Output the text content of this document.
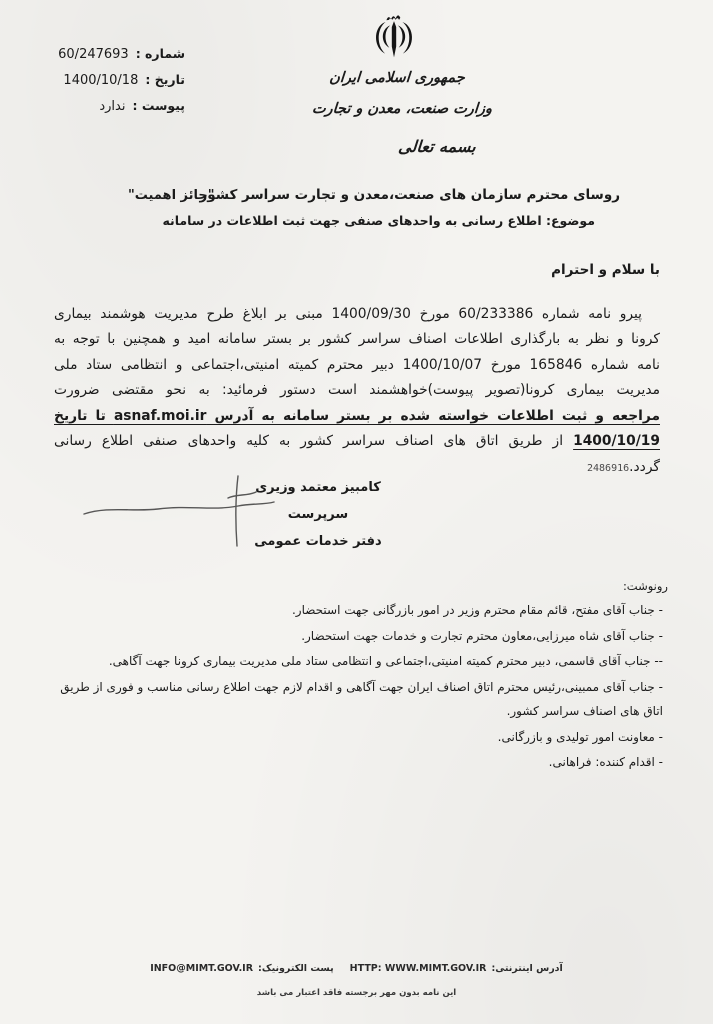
شماره :
60/247693
تاریخ :
1400/10/18
پیوست :
ندارد
جمهوری اسلامی ایران
وزارت صنعت، معدن و تجارت
بسمه تعالی
روسای محترم سازمان های صنعت،معدن و تجارت سراسر کشور
"حائز اهمیت"
موضوع: اطلاع رسانی به واحدهای صنفی جهت ثبت اطلاعات در سامانه
با سلام و احترام

پیرو نامه شماره 60/233386 مورخ 1400/09/30 مبنی بر ابلاغ طرح مدیریت هوشمند بیماری کرونا و نظر به بارگذاری اطلاعات اصناف سراسر کشور بر بستر سامانه امید و همچنین با توجه به نامه شماره 165846 مورخ 1400/10/07 دبیر محترم کمیته امنیتی،اجتماعی و انتظامی ستاد ملی مدیریت بیماری کرونا(تصویر پیوست)خواهشمند است دستور فرمائید: به نحو مقتضی ضرورت مراجعه و ثبت اطلاعات خواسته شده بر بستر سامانه به آدرس asnaf.moi.ir تا تاریخ 1400/10/19 از طریق اتاق های اصناف سراسر کشور به کلیه واحدهای صنفی اطلاع رسانی گردد.2486916

کامبیز معتمد وزیری
سرپرست
دفتر خدمات عمومی
رونوشت:
- جناب آقای مفتح، قائم مقام محترم وزیر در امور بازرگانی جهت استحضار.
- جناب آقای شاه میرزایی،معاون محترم تجارت و خدمات جهت استحضار.
-- جناب آقای قاسمی، دبیر محترم کمیته امنیتی،اجتماعی و انتظامی ستاد ملی مدیریت بیماری کرونا جهت آگاهی.
- جناب آقای ممبینی،رئیس محترم اتاق اصناف ایران جهت آگاهی و اقدام لازم جهت اطلاع رسانی مناسب و فوری از طریق اتاق های اصناف سراسر کشور.
- معاونت امور تولیدی و بازرگانی.
- اقدام کننده: فراهانی.
آدرس اینترنتی:
HTTP: WWW.MIMT.GOV.IR
پست الکترونیک:
INFO@MIMT.GOV.IR
این نامه بدون مهر برجسته فاقد اعتبار می باشد
